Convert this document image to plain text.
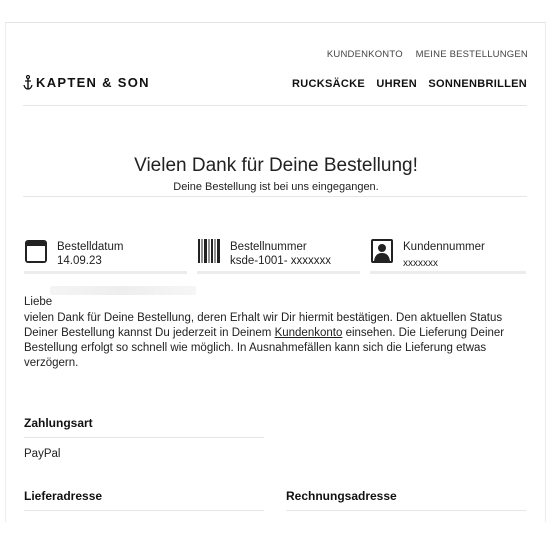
KUNDENKONTO MEINE BESTELLUNGEN
KAPTEN & SON	RUCKSÄCKE UHREN SONNENBRILLEN
Vielen Dank für Deine Bestellung!
Deine Bestellung ist bei uns eingegangen.
Bestelldatum
14.09.23
Bestellnummer
ksde-1001- xxxxxxx
Kundennummer
xxxxxxx
Liebe
vielen Dank für Deine Bestellung, deren Erhalt wir Dir hiermit bestätigen. Den aktuellen Status Deiner Bestellung kannst Du jederzeit in Deinem Kundenkonto einsehen. Die Lieferung Deiner Bestellung erfolgt so schnell wie möglich. In Ausnahmefällen kann sich die Lieferung etwas verzögern.
Zahlungsart
PayPal
Lieferadresse	Rechnungsadresse
